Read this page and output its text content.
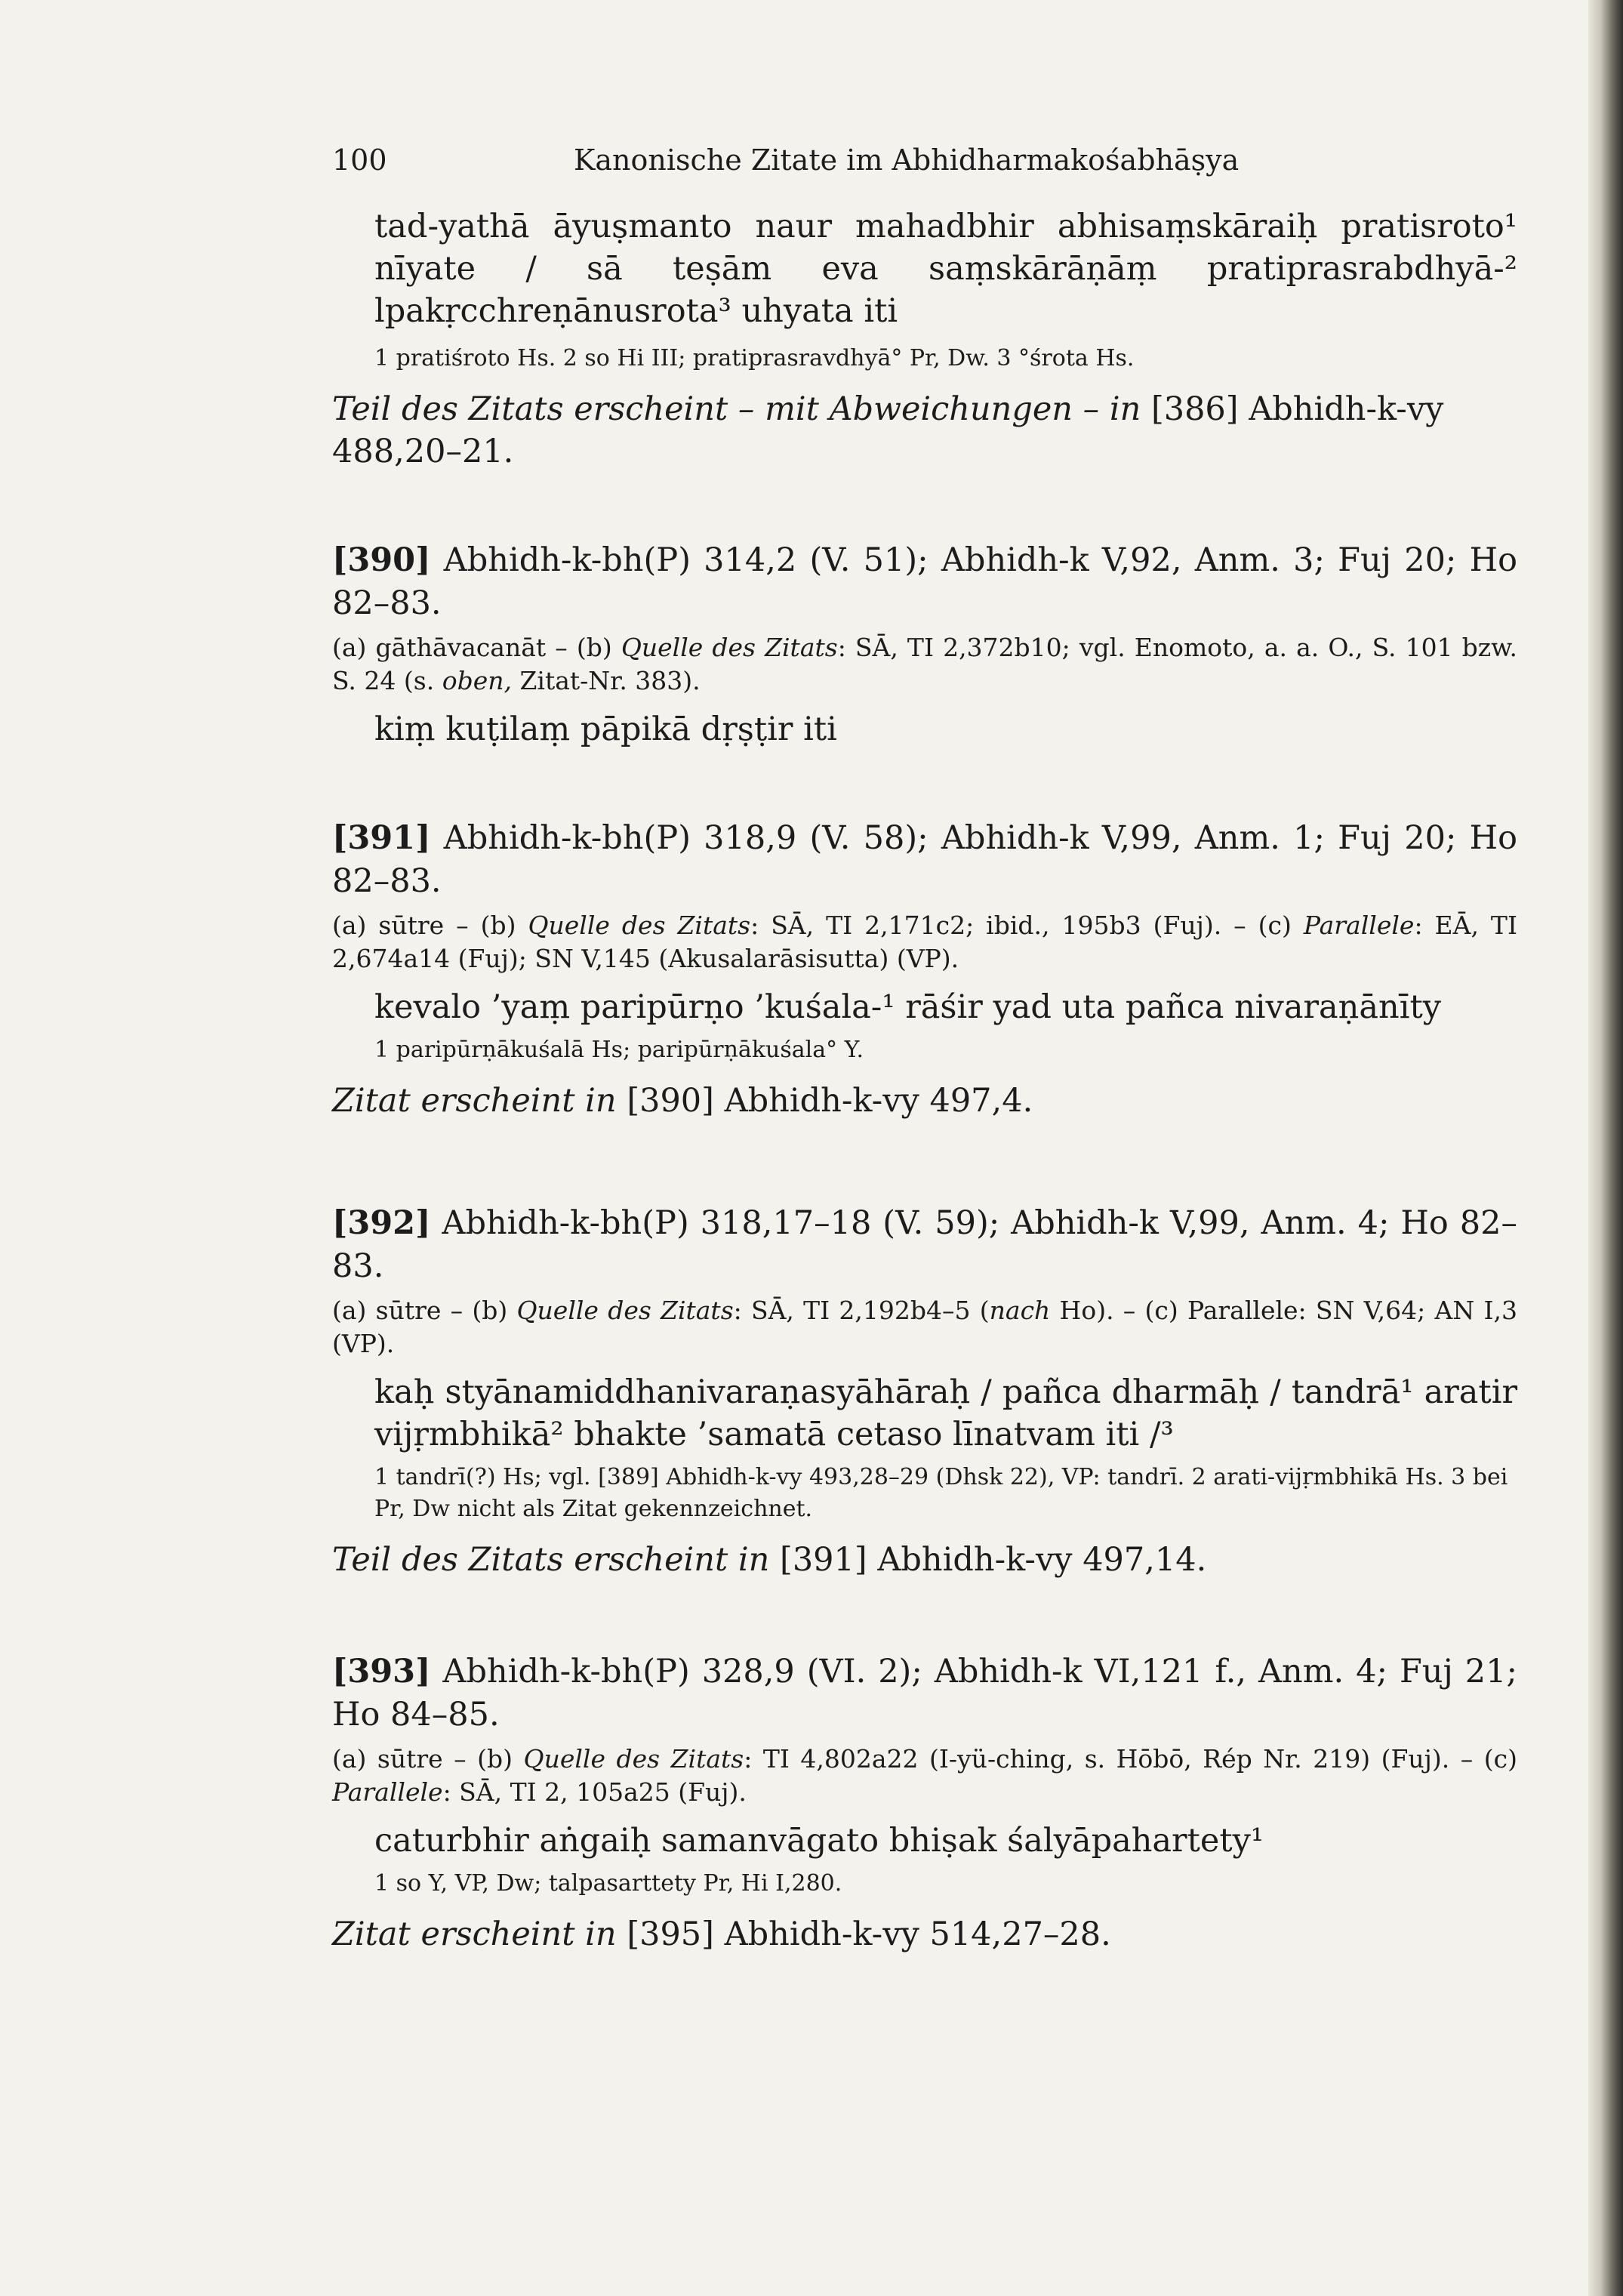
100	Kanonische Zitate im Abhidharmakośabhāṣya
tad-yathā āyuṣmanto naur mahadbhir abhisaṃskāraiḥ pratisroto¹ nīyate / sā teṣām eva saṃskārāṇāṃ pratiprasrabdhyā-² lpakṛcchreṇānusrota³ uhyata iti
1 pratiśroto Hs. 2 so Hi III; pratiprasravdhyā° Pr, Dw. 3 °śrota Hs.
Teil des Zitats erscheint – mit Abweichungen – in [386] Abhidh-k-vy 488,20–21.
[390] Abhidh-k-bh(P) 314,2 (V. 51); Abhidh-k V,92, Anm. 3; Fuj 20; Ho 82–83.
(a) gāthāvacanāt – (b) Quelle des Zitats: SĀ, TI 2,372b10; vgl. Enomoto, a. a. O., S. 101 bzw. S. 24 (s. oben, Zitat-Nr. 383).
kiṃ kuṭilaṃ pāpikā dṛṣṭir iti
[391] Abhidh-k-bh(P) 318,9 (V. 58); Abhidh-k V,99, Anm. 1; Fuj 20; Ho 82–83.
(a) sūtre – (b) Quelle des Zitats: SĀ, TI 2,171c2; ibid., 195b3 (Fuj). – (c) Parallele: EĀ, TI 2,674a14 (Fuj); SN V,145 (Akusalarāsisutta) (VP).
kevalo ’yaṃ paripūrṇo ’kuśala-¹ rāśir yad uta pañca nivaraṇānīty
1 paripūrṇākuśalā Hs; paripūrṇākuśala° Y.
Zitat erscheint in [390] Abhidh-k-vy 497,4.
[392] Abhidh-k-bh(P) 318,17–18 (V. 59); Abhidh-k V,99, Anm. 4; Ho 82–83.
(a) sūtre – (b) Quelle des Zitats: SĀ, TI 2,192b4–5 (nach Ho). – (c) Parallele: SN V,64; AN I,3 (VP).
kaḥ styānamiddhanivaraṇasyāhāraḥ / pañca dharmāḥ / tandrā¹ aratir vijṛmbhikā² bhakte ’samatā cetaso līnatvam iti /³
1 tandrī(?) Hs; vgl. [389] Abhidh-k-vy 493,28–29 (Dhsk 22), VP: tandrī. 2 arati-vijṛmbhikā Hs. 3 bei Pr, Dw nicht als Zitat gekennzeichnet.
Teil des Zitats erscheint in [391] Abhidh-k-vy 497,14.
[393] Abhidh-k-bh(P) 328,9 (VI. 2); Abhidh-k VI,121 f., Anm. 4; Fuj 21; Ho 84–85.
(a) sūtre – (b) Quelle des Zitats: TI 4,802a22 (I-yü-ching, s. Hōbō, Rép Nr. 219) (Fuj). – (c) Parallele: SĀ, TI 2, 105a25 (Fuj).
caturbhir aṅgaiḥ samanvāgato bhiṣak śalyāpahartety¹
1 so Y, VP, Dw; talpasarttety Pr, Hi I,280.
Zitat erscheint in [395] Abhidh-k-vy 514,27–28.
